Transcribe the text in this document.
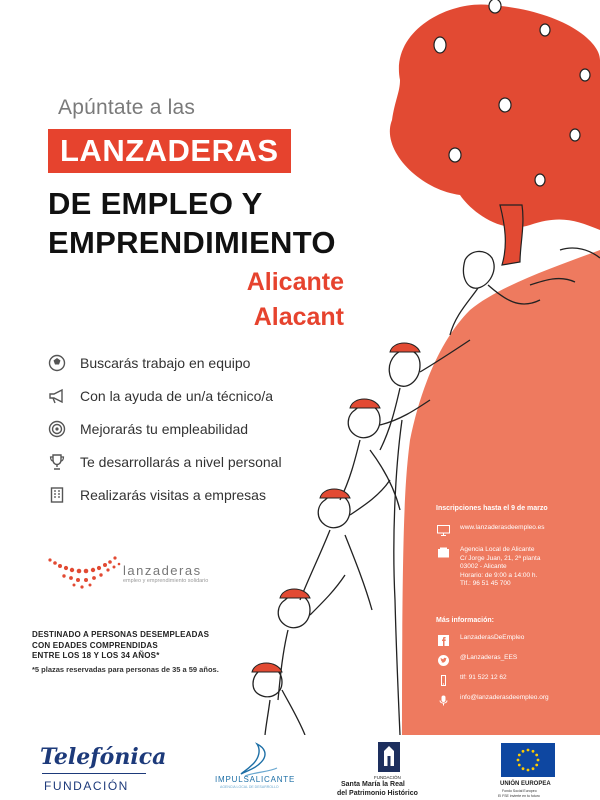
Apúntate a las
LANZADERAS
DE EMPLEO Y
EMPRENDIMIENTO
Alicante
Alacant
Buscarás trabajo en equipo
Con la ayuda de un/a técnico/a
Mejorarás tu empleabilidad
Te desarrollarás a nivel personal
Realizarás visitas a empresas
lanzaderas
empleo y emprendimiento solidario
DESTINADO A PERSONAS DESEMPLEADAS
CON EDADES COMPRENDIDAS
ENTRE LOS 18 Y LOS 34 AÑOS*
*5 plazas reservadas para personas de 35 a 59 años.
Inscripciones hasta el 9 de marzo
www.lanzaderasdeempleo.es
Agencia Local de Alicante
C/ Jorge Juan, 21, 2ª planta
03002 - Alicante
Horario: de 9:00 a 14:00 h.
Tlf.: 96 51 45 700
Más información:
LanzaderasDeEmpleo
@Lanzaderas_EES
tlf: 91 522 12 62
info@lanzaderasdeempleo.org
Telefónica
FUNDACIÓN	IMPULSALICANTE
AGENCIA LOCAL DE DESARROLLO
FUNDACIÓN
Santa María la Real
del Patrimonio Histórico
UNIÓN EUROPEA
Fondo Social Europeo
El FSE invierte en tu futuro
